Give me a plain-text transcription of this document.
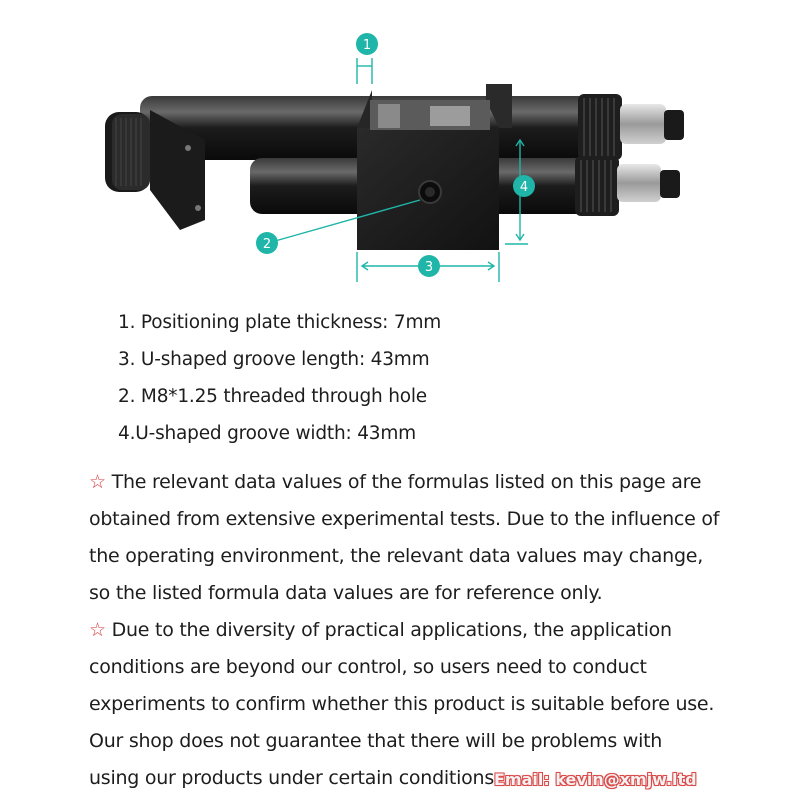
1
2
3
4
1. Positioning plate thickness: 7mm
3. U-shaped groove length: 43mm
2. M8*1.25 threaded through hole
4.U-shaped groove width: 43mm
☆ The relevant data values of the formulas listed on this page are
obtained from extensive experimental tests. Due to the influence of
the operating environment, the relevant data values may change,
so the listed formula data values are for reference only.
☆ Due to the diversity of practical applications, the application
conditions are beyond our control, so users need to conduct
experiments to confirm whether this product is suitable before use.
Our shop does not guarantee that there will be problems with
using our products under certain conditions.
Email: kevin@xmjw.ltd
